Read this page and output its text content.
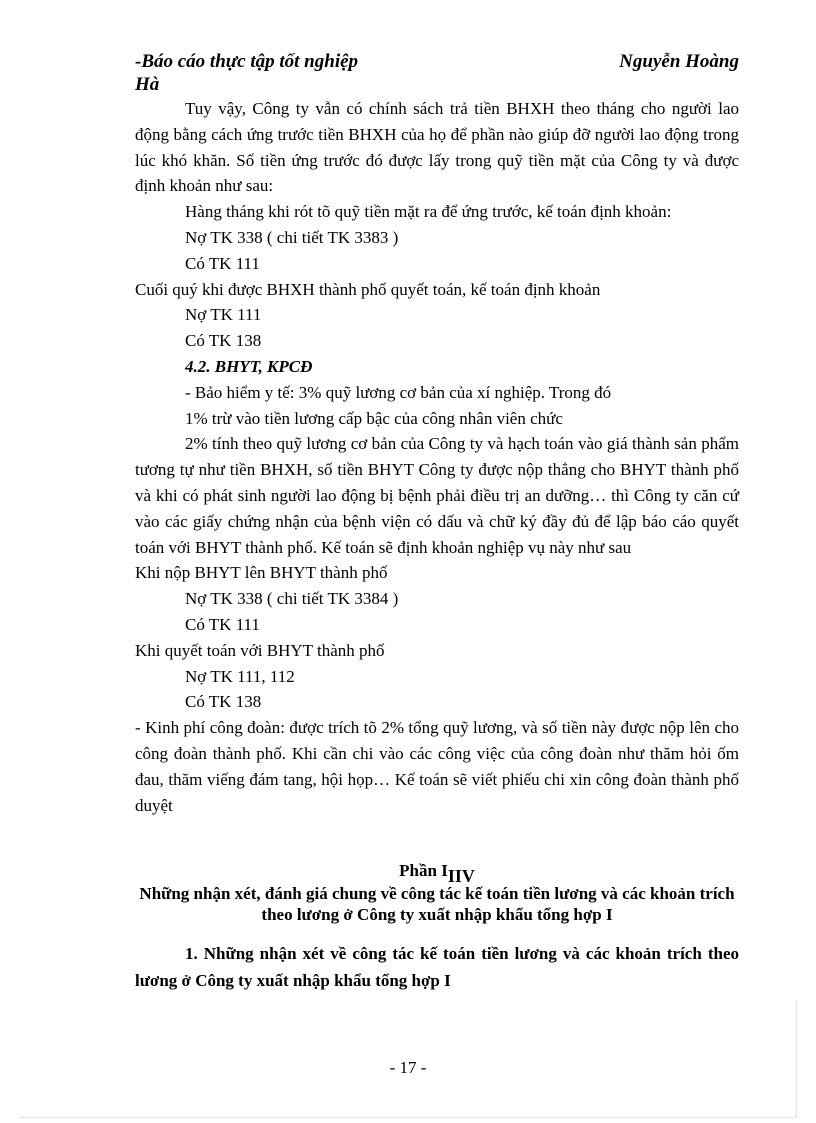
-Báo cáo thực tập tốt nghiệp	Nguyễn Hoàng
Hà

Tuy vậy, Công ty vẫn có chính sách trả tiền BHXH theo tháng cho người lao động bằng cách ứng trước tiền BHXH của họ để phần nào giúp đỡ người lao động trong lúc khó khăn. Số tiền ứng trước đó được lấy trong quỹ tiền mặt của Công ty và được định khoản như sau:

Hàng tháng khi rót tõ quỹ tiền mặt ra để ứng trước, kế toán định khoản:

Nợ TK 338 ( chi tiết TK 3383 )

Có TK 111

Cuối quý khi được BHXH thành phố quyết toán, kế toán định khoản

Nợ TK 111

Có TK 138

4.2. BHYT, KPCĐ

- Bảo hiểm y tế: 3% quỹ lương cơ bản của xí nghiệp. Trong đó

1% trừ vào tiền lương cấp bậc của công nhân viên chức

2% tính theo quỹ lương cơ bản của Công ty và hạch toán vào giá thành sản phẩm tương tự như tiền BHXH, số tiền BHYT Công ty được nộp thẳng cho BHYT thành phố và khi có phát sinh người lao động bị bệnh phải điều trị an dưỡng… thì Công ty căn cứ vào các giấy chứng nhận của bệnh viện có dấu và chữ ký đầy đủ để lập báo cáo quyết toán với BHYT thành phố. Kế toán sẽ định khoản nghiệp vụ này như sau

Khi nộp BHYT lên BHYT thành phố

Nợ TK 338 ( chi tiết TK 3384 )

Có TK 111

Khi quyết toán với BHYT thành phố

Nợ TK 111, 112

Có TK 138

- Kinh phí công đoàn: được trích tõ 2% tổng quỹ lương, và số tiền này được nộp lên cho công đoàn thành phố. Khi cần chi vào các công việc của công đoàn như thăm hỏi ốm đau, thăm viếng đám tang, hội họp… Kế toán sẽ viết phiếu chi xin công đoàn thành phố duyệt

Phần IIIV

Những nhận xét, đánh giá chung về công tác kế toán tiền lương và các khoản trích theo lương ở Công ty xuất nhập khẩu tổng hợp I

1. Những nhận xét về công tác kế toán tiền lương và các khoản trích theo lương ở Công ty xuất nhập khẩu tổng hợp I

- 17 -
